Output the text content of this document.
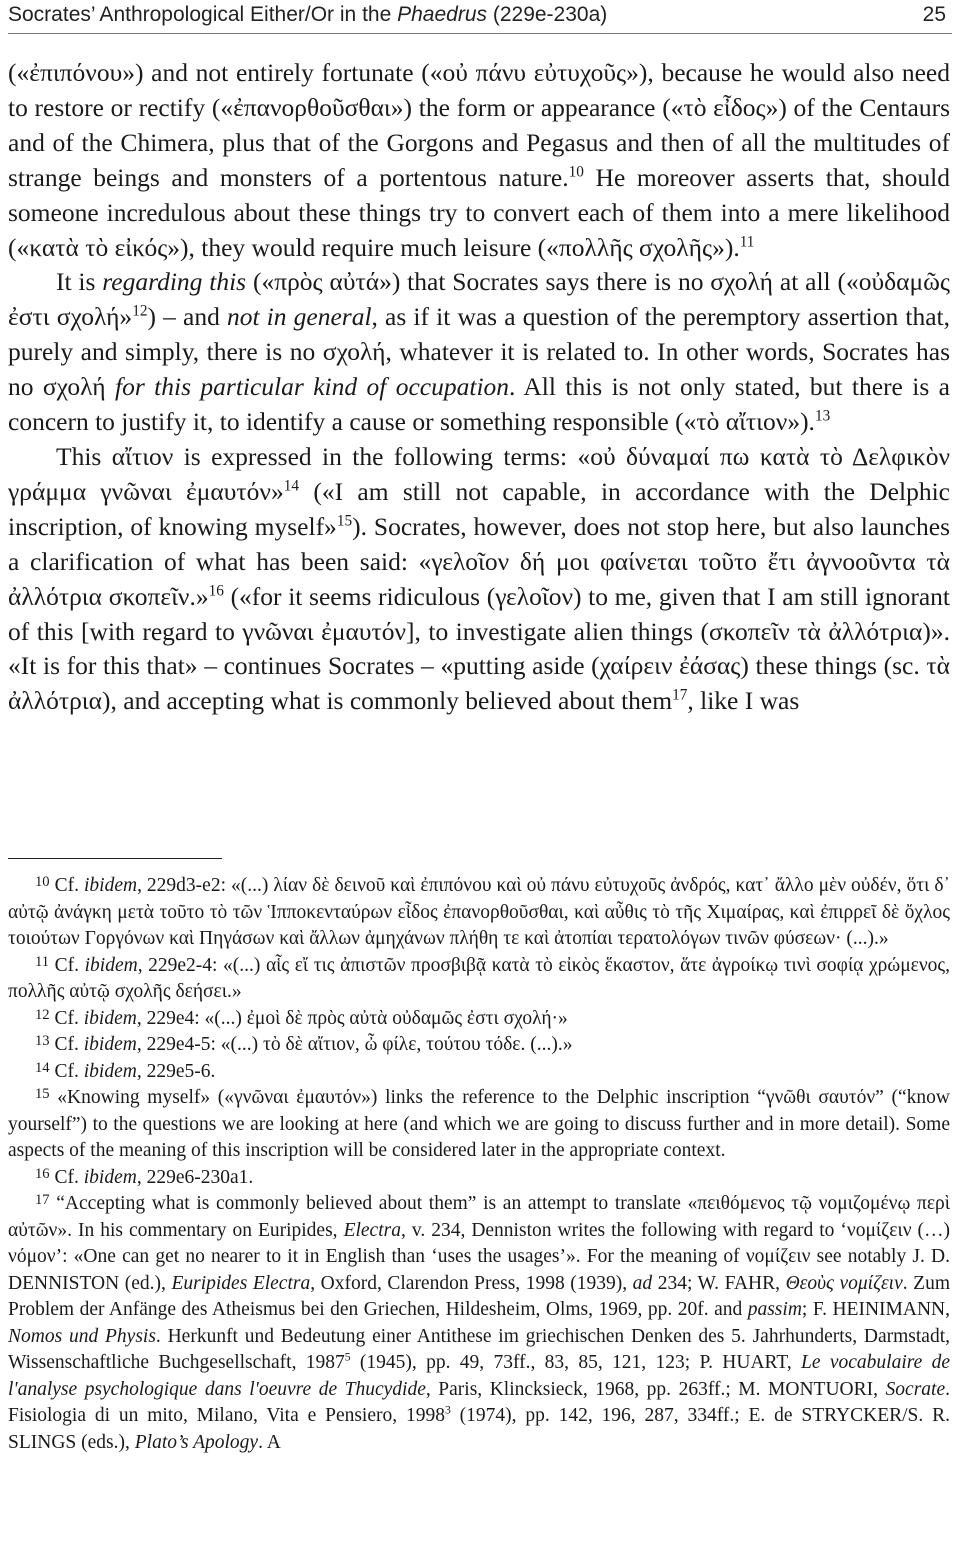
Socrates’ Anthropological Either/Or in the Phaedrus (229e-230a)	25

(«ἐπιπόνου») and not entirely fortunate («οὐ πάνυ εὐτυχοῦς»), because he would also need to restore or rectify («ἐπανορθοῦσθαι») the form or appearance («τὸ εἶδος») of the Centaurs and of the Chimera, plus that of the Gorgons and Pegasus and then of all the multitudes of strange beings and monsters of a portentous nature.$^{10}$ He moreover asserts that, should someone incredulous about these things try to convert each of them into a mere likelihood («κατὰ τὸ εἰκός»), they would require much leisure («πολλῆς σχολῆς»).$^{11}$

It is regarding this («πρὸς αὐτά») that Socrates says there is no σχολή at all («οὐδαμῶς ἐστι σχολή»$^{12}$) – and not in general, as if it was a question of the peremptory assertion that, purely and simply, there is no σχολή, whatever it is related to. In other words, Socrates has no σχολή for this particular kind of occupation. All this is not only stated, but there is a concern to justify it, to identify a cause or something responsible («τὸ αἴτιον»).$^{13}$

This αἴτιον is expressed in the following terms: «οὐ δύναμαί πω κατὰ τὸ Δελφικὸν γράμμα γνῶναι ἐμαυτόν»$^{14}$ («I am still not capable, in accordance with the Delphic inscription, of knowing myself»$^{15}$). Socrates, however, does not stop here, but also launches a clarification of what has been said: «γελοῖον δή μοι φαίνεται τοῦτο ἔτι ἀγνοοῦντα τὰ ἀλλότρια σκοπεῖν.»$^{16}$ («for it seems ridiculous (γελοῖον) to me, given that I am still ignorant of this [with regard to γνῶναι ἐμαυτόν], to investigate alien things (σκοπεῖν τὰ ἀλλότρια)». «It is for this that» – continues Socrates – «putting aside (χαίρειν ἐάσας) these things (sc. τὰ ἀλλότρια), and accepting what is commonly believed about them$^{17}$, like I was

$^{10}$ Cf. ibidem, 229d3-e2: «(...) λίαν δὲ δεινοῦ καὶ ἐπιπόνου καὶ οὐ πάνυ εὐτυχοῦς ἀνδρός, κατ᾽ ἄλλο μὲν οὐδέν, ὅτι δ᾽ αὐτῷ ἀνάγκη μετὰ τοῦτο τὸ τῶν Ἱπποκενταύρων εἶδος ἐπανορθοῦσθαι, καὶ αὖθις τὸ τῆς Χιμαίρας, καὶ ἐπιρρεῖ δὲ ὄχλος τοιούτων Γοργόνων καὶ Πηγάσων καὶ ἄλλων ἀμηχάνων πλήθη τε καὶ ἀτοπίαι τερατολόγων τινῶν φύσεων· (...).»

$^{11}$ Cf. ibidem, 229e2-4: «(...) αἷς εἴ τις ἀπιστῶν προσβιβᾷ κατὰ τὸ εἰκὸς ἕκαστον, ἅτε ἀγροίκῳ τινὶ σοφίᾳ χρώμενος, πολλῆς αὐτῷ σχολῆς δεήσει.»

$^{12}$ Cf. ibidem, 229e4: «(...) ἐμοὶ δὲ πρὸς αὐτὰ οὐδαμῶς ἐστι σχολή·»

$^{13}$ Cf. ibidem, 229e4-5: «(...) τὸ δὲ αἴτιον, ὦ φίλε, τούτου τόδε. (...).»

$^{14}$ Cf. ibidem, 229e5-6.

$^{15}$ «Knowing myself» («γνῶναι ἐμαυτόν») links the reference to the Delphic inscription “γνῶθι σαυτόν” (“know yourself”) to the questions we are looking at here (and which we are going to discuss further and in more detail). Some aspects of the meaning of this inscription will be considered later in the appropriate context.

$^{16}$ Cf. ibidem, 229e6-230a1.

$^{17}$ “Accepting what is commonly believed about them” is an attempt to translate «πειθόμενος τῷ νομιζομένῳ περὶ αὐτῶν». In his commentary on Euripides, Electra, v. 234, Denniston writes the following with regard to ‘νομίζειν (…) νόμον’: «One can get no nearer to it in English than ‘uses the usages’». For the meaning of νομίζειν see notably J. D. DENNISTON (ed.), Euripides Electra, Oxford, Clarendon Press, 1998 (1939), ad 234; W. FAHR, Θεοὺς νομίζειν. Zum Problem der Anfänge des Atheismus bei den Griechen, Hildesheim, Olms, 1969, pp. 20f. and passim; F. HEINIMANN, Nomos und Physis. Herkunft und Bedeutung einer Antithese im griechischen Denken des 5. Jahrhunderts, Darmstadt, Wissenschaftliche Buchgesellschaft, 1987$^5$ (1945), pp. 49, 73ff., 83, 85, 121, 123; P. HUART, Le vocabulaire de l'analyse psychologique dans l'oeuvre de Thucydide, Paris, Klincksieck, 1968, pp. 263ff.; M. MONTUORI, Socrate. Fisiologia di un mito, Milano, Vita e Pensiero, 1998$^3$ (1974), pp. 142, 196, 287, 334ff.; E. de STRYCKER/S. R. SLINGS (eds.), Plato’s Apology. A
